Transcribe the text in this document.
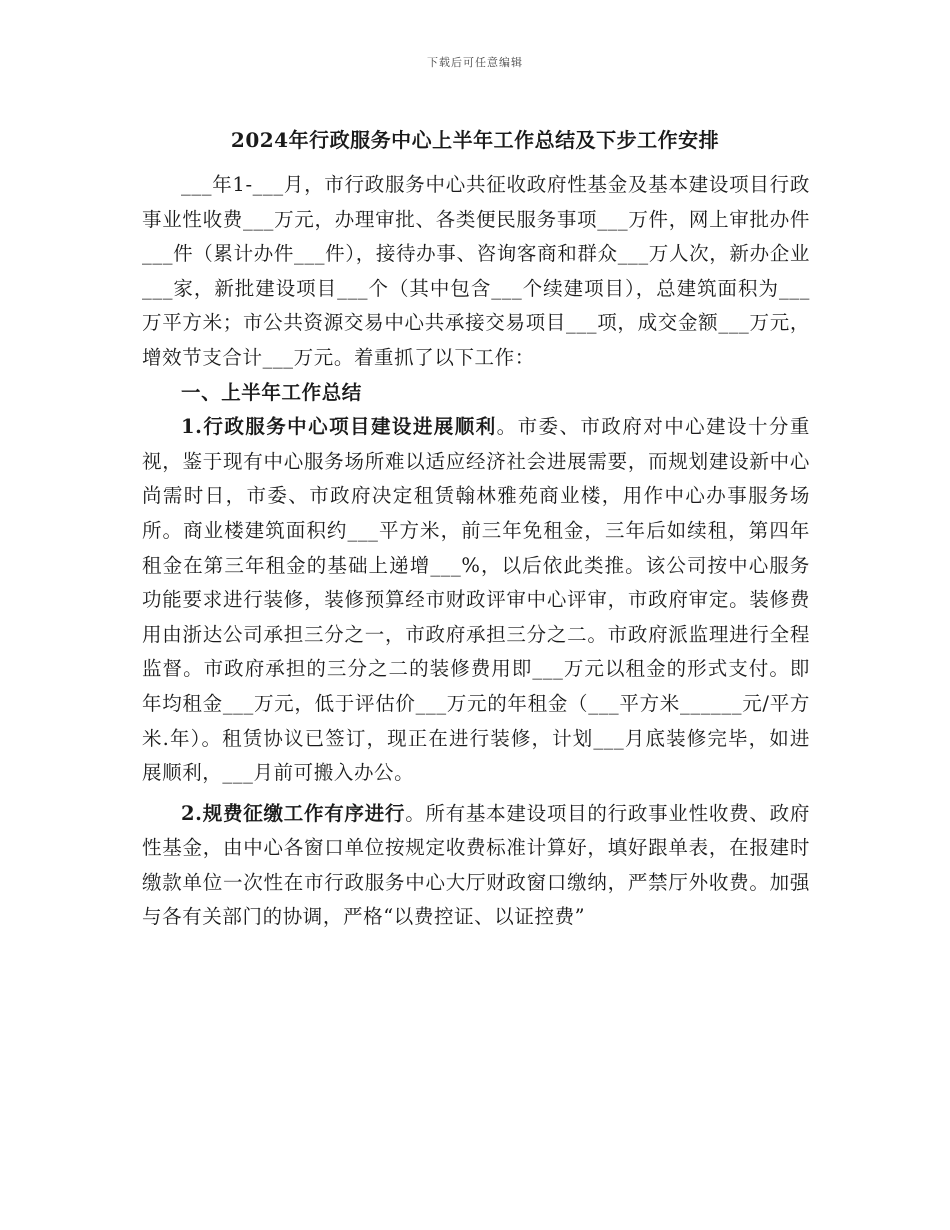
下载后可任意编辑
2024年行政服务中心上半年工作总结及下步工作安排

___年1-___月，市行政服务中心共征收政府性基金及基本建设项目行政事业性收费___万元，办理审批、各类便民服务事项___万件，网上审批办件___件（累计办件___件），接待办事、咨询客商和群众___万人次，新办企业___家，新批建设项目___个（其中包含___个续建项目），总建筑面积为___万平方米；市公共资源交易中心共承接交易项目___项，成交金额___万元，增效节支合计___万元。着重抓了以下工作：

一、上半年工作总结

1.行政服务中心项目建设进展顺利。市委、市政府对中心建设十分重视，鉴于现有中心服务场所难以适应经济社会进展需要，而规划建设新中心尚需时日，市委、市政府决定租赁翰林雅苑商业楼，用作中心办事服务场所。商业楼建筑面积约___平方米，前三年免租金，三年后如续租，第四年租金在第三年租金的基础上递增___%，以后依此类推。该公司按中心服务功能要求进行装修，装修预算经市财政评审中心评审，市政府审定。装修费用由浙达公司承担三分之一，市政府承担三分之二。市政府派监理进行全程监督。市政府承担的三分之二的装修费用即___万元以租金的形式支付。即年均租金___万元，低于评估价___万元的年租金（___平方米______元/平方米.年）。租赁协议已签订，现正在进行装修，计划___月底装修完毕，如进展顺利，___月前可搬入办公。

2.规费征缴工作有序进行。所有基本建设项目的行政事业性收费、政府性基金，由中心各窗口单位按规定收费标准计算好，填好跟单表，在报建时缴款单位一次性在市行政服务中心大厅财政窗口缴纳，严禁厅外收费。加强与各有关部门的协调，严格“以费控证、以证控费”
